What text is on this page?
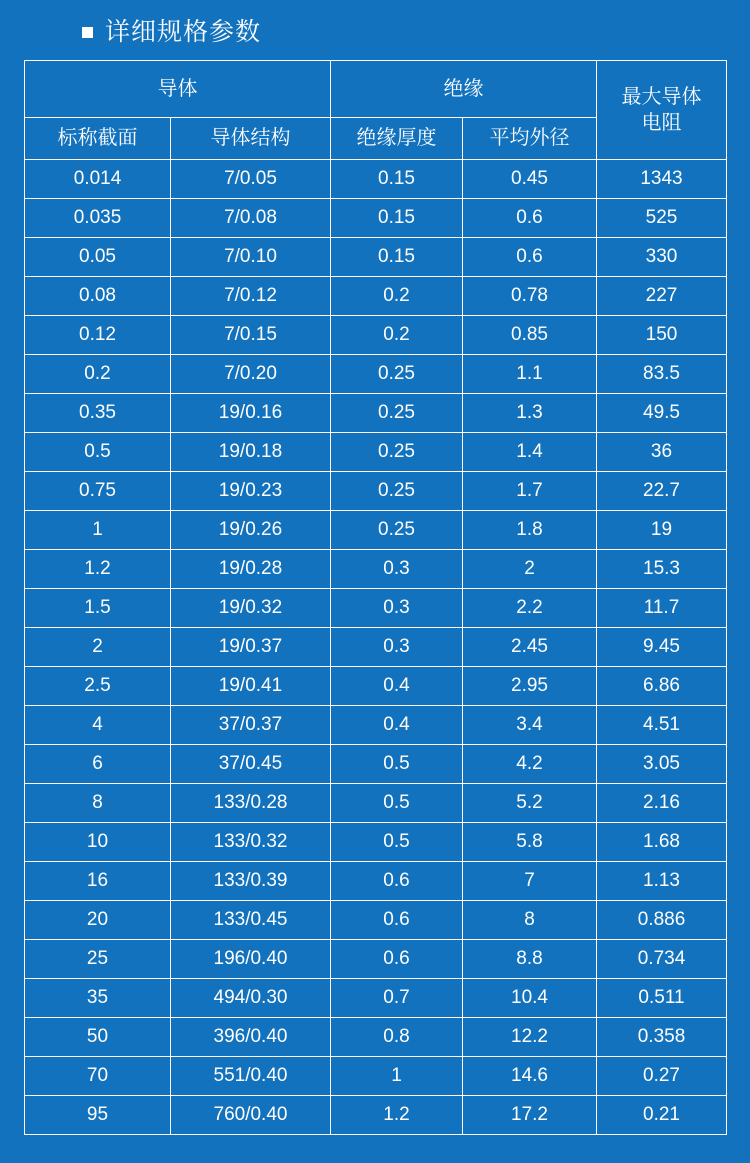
详细规格参数
导体		绝缘		最大导体
电阻
标称截面	导体结构	绝缘厚度	平均外径	
0.014	7/0.05	0.15	0.45	1343
0.035	7/0.08	0.15	0.6	525
0.05	7/0.10	0.15	0.6	330
0.08	7/0.12	0.2	0.78	227
0.12	7/0.15	0.2	0.85	150
0.2	7/0.20	0.25	1.1	83.5
0.35	19/0.16	0.25	1.3	49.5
0.5	19/0.18	0.25	1.4	36
0.75	19/0.23	0.25	1.7	22.7
1	19/0.26	0.25	1.8	19
1.2	19/0.28	0.3	2	15.3
1.5	19/0.32	0.3	2.2	11.7
2	19/0.37	0.3	2.45	9.45
2.5	19/0.41	0.4	2.95	6.86
4	37/0.37	0.4	3.4	4.51
6	37/0.45	0.5	4.2	3.05
8	133/0.28	0.5	5.2	2.16
10	133/0.32	0.5	5.8	1.68
16	133/0.39	0.6	7	1.13
20	133/0.45	0.6	8	0.886
25	196/0.40	0.6	8.8	0.734
35	494/0.30	0.7	10.4	0.511
50	396/0.40	0.8	12.2	0.358
70	551/0.40	1	14.6	0.27
95	760/0.40	1.2	17.2	0.21
